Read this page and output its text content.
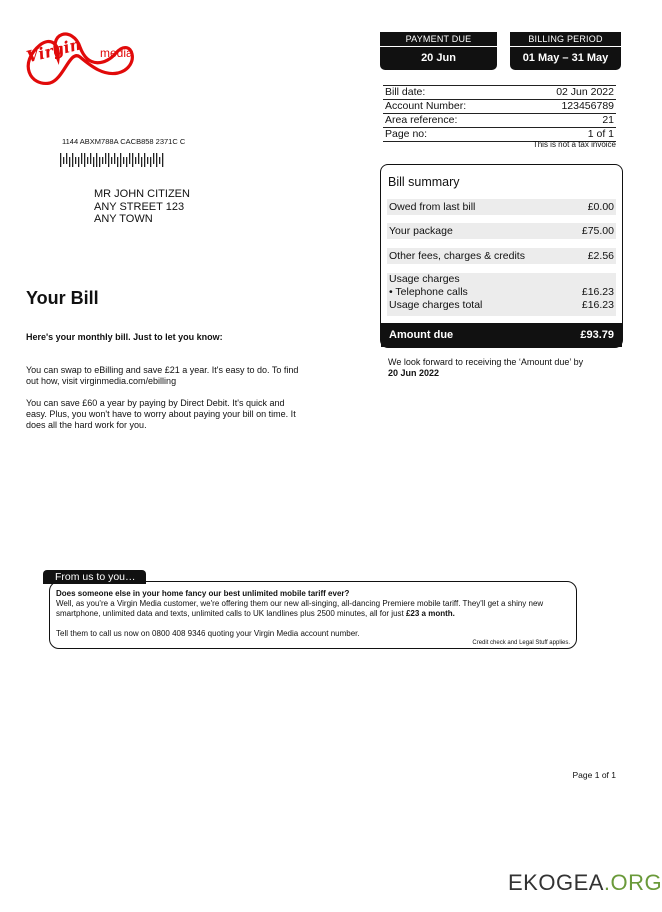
Virgin media
PAYMENT DUE
20 Jun
BILLING PERIOD
01 May – 31 May
Bill date:	02 Jun 2022
Account Number:	123456789
Area reference:	21
Page no:	1 of 1
This is not a tax invoice
1144 ABXM788A CACB858 2371C C
MR JOHN CITIZEN
ANY STREET 123
ANY TOWN
Your Bill
Here's your monthly bill. Just to let you know:
You can swap to eBilling and save £21 a year. It's easy to do. To find out how, visit virginmedia.com/ebilling
You can save £60 a year by paying by Direct Debit. It's quick and easy. Plus, you won't have to worry about paying your bill on time. It does all the hard work for you.
Bill summary
Owed from last bill	£0.00
Your package	£75.00
Other fees, charges & credits	£2.56
Usage charges
• Telephone calls	£16.23
Usage charges total	£16.23
Amount due	£93.79
We look forward to receiving the ‘Amount due’ by
20 Jun 2022
From us to you…
Does someone else in your home fancy our best unlimited mobile tariff ever?
Well, as you're a Virgin Media customer, we're offering them our new all-singing, all-dancing Premiere mobile tariff. They'll get a shiny new smartphone, unlimited data and texts, unlimited calls to UK landlines plus 2500 minutes, all for just £23 a month.
Tell them to call us now on 0800 408 9346 quoting your Virgin Media account number.
Credit check and Legal Stuff applies.
Page 1 of 1
EKOGEA.ORG
